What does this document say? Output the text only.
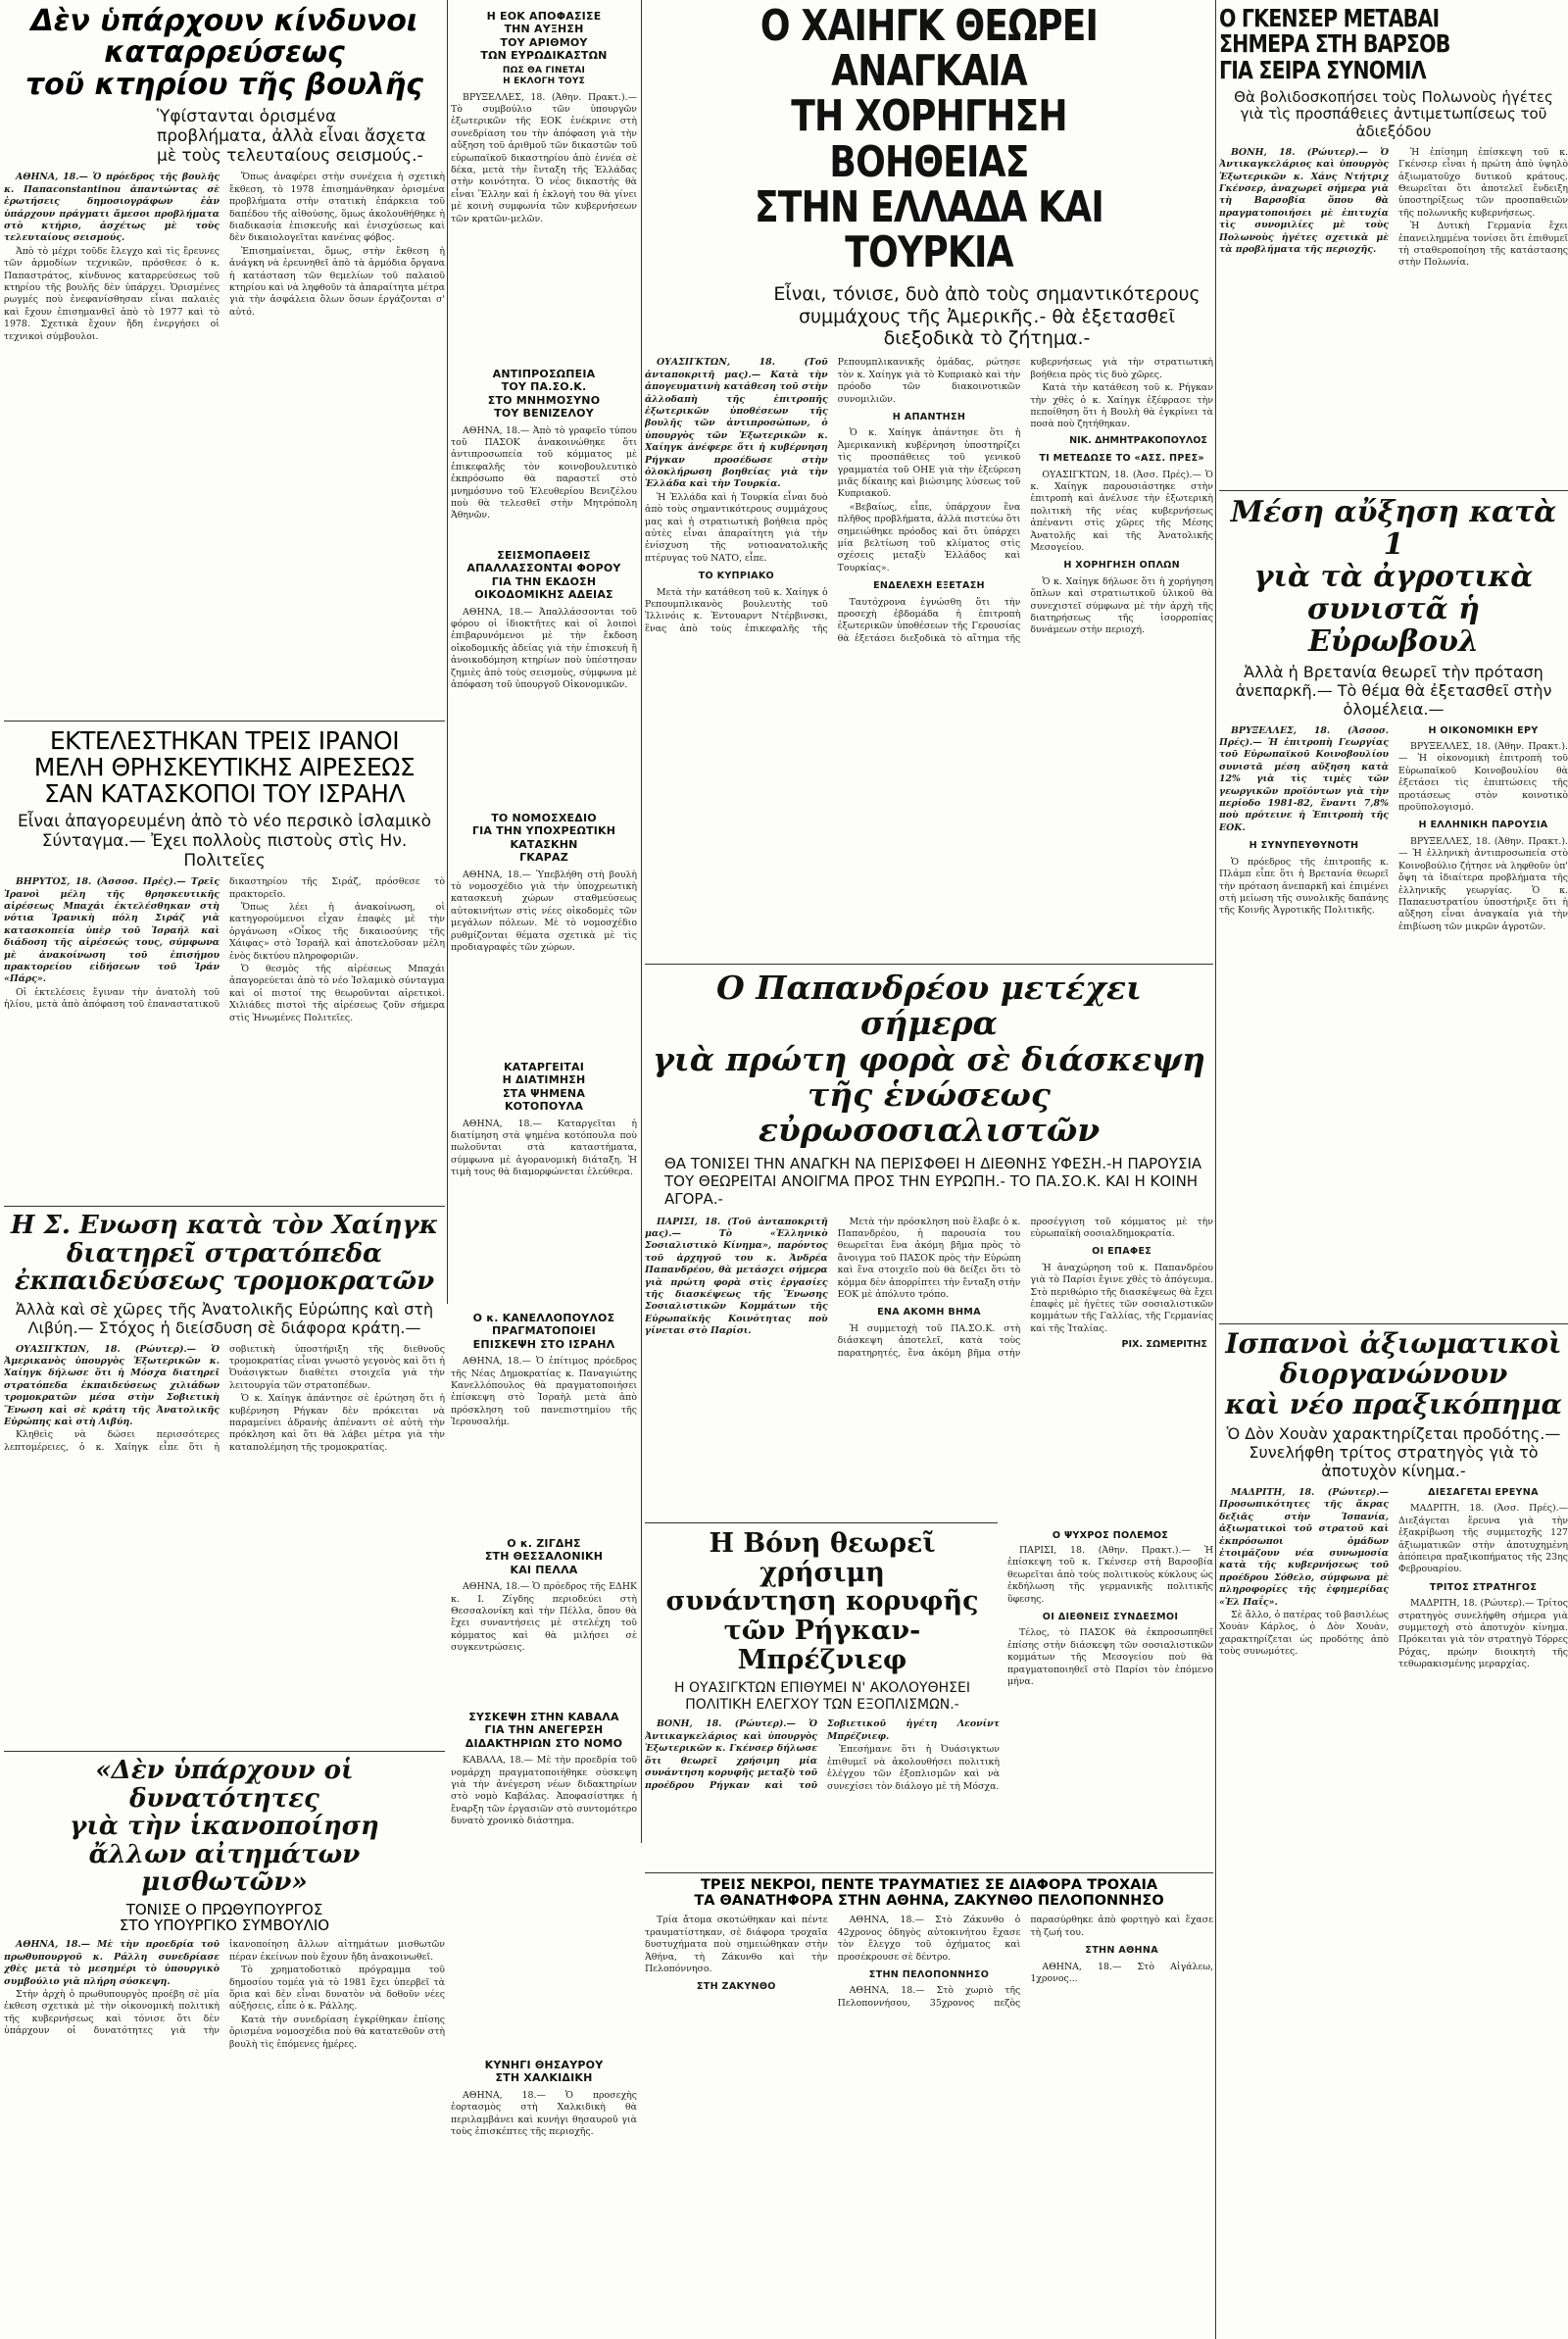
Δὲν ὑπάρχουν κίνδυνοι
καταρρεύσεως
τοῦ κτηρίου τῆς βουλῆς
Ὑφίστανται ὁρισμένα προβλήματα, ἀλλὰ εἶναι ἄσχετα μὲ τοὺς τελευταίους σεισμούς.-

ΑΘΗΝΑ, 18.— Ὁ πρόεδρος τῆς βουλῆς κ. Παπαconstantinou ἀπαντώντας σὲ ἐρωτήσεις δημοσιογράφων ἐὰν ὑπάρχουν πράγματι ἄμεσοι προβλήματα στὸ κτήριο, ἀσχέτως μὲ τοὺς τελευταίους σεισμούς.

Ἀπὸ τὸ μέχρι τοῦδε ἔλεγχο καὶ τὶς ἔρευνες τῶν ἁρμοδίων τεχνικῶν, πρόσθεσε ὁ κ. Παπαστράτος, κίνδυνος καταρρεύσεως τοῦ κτηρίου τῆς βουλῆς δὲν ὑπάρχει. Ὁρισμένες ρωγμές ποὺ ἐνεφανίσθησαν εἶναι παλαιὲς καὶ ἔχουν ἐπισημανθεῖ ἀπὸ τὸ 1977 καὶ τὸ 1978. Σχετικὰ ἔχουν ἤδη ἐνεργήσει οἱ τεχνικοὶ σύμβουλοι.

Ὅπως ἀναφέρει στὴν συνέχεια ἡ σχετικὴ ἔκθεση, τὸ 1978 ἐπισημάνθηκαν ὁρισμένα προβλήματα στὴν στατικὴ ἐπάρκεια τοῦ δαπέδου τῆς αἰθούσης, ὅμως ἀκολουθήθηκε ἡ διαδικασία ἐπισκευῆς καὶ ἐνισχύσεως καὶ δὲν δικαιολογεῖται κανένας φόβος.

Ἐπισημαίνεται, ὅμως, στὴν ἔκθεση ἡ ἀνάγκη νὰ ἐρευνηθεῖ ἀπὸ τὰ ἁρμόδια ὄργανα ἡ κατάσταση τῶν θεμελίων τοῦ παλαιοῦ κτηρίου καὶ νὰ ληφθοῦν τὰ ἀπαραίτητα μέτρα γιὰ τὴν ἀσφάλεια ὅλων ὅσων ἐργάζονται σ' αὐτό.

ΕΚΤΕΛΕΣΤΗΚΑΝ ΤΡΕΙΣ ΙΡΑΝΟΙ
ΜΕΛΗ ΘΡΗΣΚΕΥΤΙΚΗΣ ΑΙΡΕΣΕΩΣ
ΣΑΝ ΚΑΤΑΣΚΟΠΟΙ ΤΟΥ ΙΣΡΑΗΛ
Εἶναι ἀπαγορευμένη ἀπὸ τὸ νέο περσικὸ ἰσλαμικὸ Σύνταγμα.— Ἐχει πολλοὺς πιστοὺς στὶς Ην. Πολιτεῖες

ΒΗΡΥΤΟΣ, 18. (Ἀσσοσ. Πρές).— Τρεῖς Ἰρανοὶ μέλη τῆς θρησκευτικῆς αἱρέσεως Μπαχάι ἐκτελέσθηκαν στὴ νότια Ἰρανικὴ πόλη Σιράζ γιὰ κατασκοπεία ὑπὲρ τοῦ Ἰσραήλ καὶ διάδοση τῆς αἱρέσεώς τους, σύμφωνα μὲ ἀνακοίνωση τοῦ ἐπισήμου πρακτορείου εἰδήσεων τοῦ Ἰράν «Πάρς».

Οἱ ἐκτελέσεις ἔγιναν τὴν ἀνατολὴ τοῦ ἡλίου, μετὰ ἀπὸ ἀπόφαση τοῦ ἐπαναστατικοῦ δικαστηρίου τῆς Σιράζ, πρόσθεσε τὸ πρακτορεῖο.

Ὅπως λέει ἡ ἀνακοίνωση, οἱ κατηγορούμενοι εἶχαν ἐπαφὲς μὲ τὴν ὀργάνωση «Οἶκος τῆς δικαιοσύνης τῆς Χάιφας» στὸ Ἰσραήλ καὶ ἀποτελοῦσαν μέλη ἑνὸς δικτύου πληροφοριῶν.

Ὁ θεσμὸς τῆς αἱρέσεως Μπαχάι ἀπαγορεύεται ἀπὸ τὸ νέο Ἰσλαμικὸ σύνταγμα καὶ οἱ πιστοί της θεωροῦνται αἱρετικοὶ. Χιλιάδες πιστοὶ τῆς αἱρέσεως ζοῦν σήμερα στὶς Ἡνωμένες Πολιτεῖες.

Η Σ. Ενωση κατὰ τὸν Χαίηγκ
διατηρεῖ στρατόπεδα
ἐκπαιδεύσεως τρομοκρατῶν
Ἀλλὰ καὶ σὲ χῶρες τῆς Ἀνατολικῆς Εὐρώπης καὶ στὴ Λιβύη.— Στόχος ἡ διείσδυση σὲ διάφορα κράτη.—

ΟΥΑΣΙΓΚΤΩΝ, 18. (Ρώυτερ).— Ὁ Ἀμερικανὸς ὑπουργὸς Ἐξωτερικῶν κ. Χαίηγκ δήλωσε ὅτι ἡ Μόσχα διατηρεῖ στρατόπεδα ἐκπαιδεύσεως χιλιάδων τρομοκρατῶν μέσα στὴν Σοβιετικὴ Ἕνωση καὶ σὲ κράτη τῆς Ἀνατολικῆς Εὐρώπης καὶ στὴ Λιβύη.

Κληθεὶς νὰ δώσει περισσότερες λεπτομέρειες, ὁ κ. Χαίηγκ εἶπε ὅτι ἡ σοβιετικὴ ὑποστήριξη τῆς διεθνοῦς τρομοκρατίας εἶναι γνωστὸ γεγονὸς καὶ ὅτι ἡ Ὀυάσιγκτων διαθέτει στοιχεῖα γιὰ τὴν λειτουργία τῶν στρατοπέδων.

Ὁ κ. Χαίηγκ ἀπάντησε σὲ ἐρώτηση ὅτι ἡ κυβέρνηση Ρήγκαν δὲν πρόκειται νὰ παραμείνει ἀδρανὴς ἀπέναντι σὲ αὐτὴ τὴν πρόκληση καὶ ὅτι θὰ λάβει μέτρα γιὰ τὴν καταπολέμηση τῆς τρομοκρατίας.

«Δὲν ὑπάρχουν οἱ δυνατότητες
γιὰ τὴν ἱκανοποίηση
ἄλλων αἰτημάτων μισθωτῶν»
ΤΟΝΙΣΕ Ο ΠΡΩΘΥΠΟΥΡΓΟΣ
ΣΤΟ ΥΠΟΥΡΓΙΚΟ ΣΥΜΒΟΥΛΙΟ

ΑΘΗΝΑ, 18.— Μὲ τὴν προεδρία τοῦ πρωθυπουργοῦ κ. Ράλλη συνεδρίασε χθὲς μετὰ τὸ μεσημέρι τὸ ὑπουργικὸ συμβούλιο γιὰ πλήρη σύσκεψη.

Στὴν ἀρχὴ ὁ πρωθυπουργὸς προέβη σὲ μία ἐκθεση σχετικὰ μὲ τὴν οἰκονομικὴ πολιτικὴ τῆς κυβερνήσεως καὶ τόνισε ὅτι δὲν ὑπάρχουν οἱ δυνατότητες γιὰ τὴν ἱκανοποίηση ἄλλων αἰτημάτων μισθωτῶν πέραν ἐκείνων ποὺ ἔχουν ἤδη ἀνακοινωθεῖ.

Τὸ χρηματοδοτικὸ πρόγραμμα τοῦ δημοσίου τομέα γιὰ τὸ 1981 ἔχει ὑπερβεῖ τὰ ὅρια καὶ δὲν εἶναι δυνατὸν νὰ δοθοῦν νέες αὐξήσεις, εἶπε ὁ κ. Ράλλης.

Κατὰ τὴν συνεδρίαση ἐγκρίθηκαν ἐπίσης ὁρισμένα νομοσχέδια ποὺ θὰ κατατεθοῦν στὴ βουλὴ τὶς ἑπόμενες ἡμέρες.

Η ΕΟΚ ΑΠΟΦΑΣΙΣΕ
ΤΗΝ ΑΥΞΗΣΗ
ΤΟΥ ΑΡΙΘΜΟΥ
ΤΩΝ ΕΥΡΩΔΙΚΑΣΤΩΝ
ΠΩΣ ΘΑ ΓΙΝΕΤΑΙ
Η ΕΚΛΟΓΗ ΤΟΥΣ

ΒΡΥΞΕΛΛΕΣ, 18. (Ἀθην. Πρακτ.).— Τὸ συμβούλιο τῶν ὑπουργῶν ἐξωτερικῶν τῆς ΕΟΚ ἐνέκρινε στὴ συνεδρίαση του τὴν ἀπόφαση γιὰ τὴν αὔξηση τοῦ ἀριθμοῦ τῶν δικαστῶν τοῦ εὐρωπαϊκοῦ δικαστηρίου ἀπὸ ἐννέα σὲ δέκα, μετὰ τὴν ἔνταξη τῆς Ἑλλάδας στὴν κοινότητα. Ὁ νέος δικαστὴς θὰ εἶναι Ἕλλην καὶ ἡ ἐκλογὴ του θὰ γίνει μὲ κοινὴ συμφωνία τῶν κυβερνήσεων τῶν κρατῶν-μελῶν.

ΑΝΤΙΠΡΟΣΩΠΕΙΑ
ΤΟΥ ΠΑ.ΣΟ.Κ.
ΣΤΟ ΜΝΗΜΟΣΥΝΟ
ΤΟΥ ΒΕΝΙΖΕΛΟΥ

ΑΘΗΝΑ, 18.— Ἀπὸ τὸ γραφεῖο τύπου τοῦ ΠΑΣΟΚ ἀνακοινώθηκε ὅτι ἀντιπροσωπεία τοῦ κόμματος μὲ ἐπικεφαλῆς τὸν κοινοβουλευτικὸ ἐκπρόσωπο θὰ παραστεῖ στὸ μνημόσυνο τοῦ Ἐλευθερίου Βενιζέλου ποὺ θὰ τελεσθεῖ στὴν Μητρόπολη Ἀθηνῶν.

ΣΕΙΣΜΟΠΑΘΕΙΣ
ΑΠΑΛΛΑΣΣΟΝΤΑΙ ΦΟΡΟΥ
ΓΙΑ ΤΗΝ ΕΚΔΟΣΗ
ΟΙΚΟΔΟΜΙΚΗΣ ΑΔΕΙΑΣ

ΑΘΗΝΑ, 18.— Ἀπαλλάσσονται τοῦ φόρου οἱ ἰδιοκτῆτες καὶ οἱ λοιποὶ ἐπιβαρυνόμενοι μὲ τὴν ἔκδοση οἰκοδομικῆς ἀδείας γιὰ τὴν ἐπισκευὴ ἢ ἀνοικοδόμηση κτηρίων ποὺ ὑπέστησαν ζημιὲς ἀπὸ τοὺς σεισμοὺς, σύμφωνα μὲ ἀπόφαση τοῦ ὑπουργοῦ Οἰκονομικῶν.

ΤΟ ΝΟΜΟΣΧΕΔΙΟ
ΓΙΑ ΤΗΝ ΥΠΟΧΡΕΩΤΙΚΗ
ΚΑΤΑΣΚΗΝ
ΓΚΑΡΑΖ

ΑΘΗΝΑ, 18.— Ὑπεβλήθη στὴ βουλὴ τὸ νομοσχέδιο γιὰ τὴν ὑποχρεωτικὴ κατασκευὴ χώρων σταθμεύσεως αὐτοκινήτων στὶς νέες οἰκοδομὲς τῶν μεγάλων πόλεων. Μὲ τὸ νομοσχέδιο ρυθμίζονται θέματα σχετικὰ μὲ τὶς προδιαγραφὲς τῶν χώρων.

ΚΑΤΑΡΓΕΙΤΑΙ
Η ΔΙΑΤΙΜΗΣΗ
ΣΤΑ ΨΗΜΕΝΑ
ΚΟΤΟΠΟΥΛΑ

ΑΘΗΝΑ, 18.— Καταργεῖται ἡ διατίμηση στὰ ψημένα κοτόπουλα ποὺ πωλοῦνται στὰ καταστήματα, σύμφωνα μὲ ἀγορανομικὴ διάταξη. Ἡ τιμὴ τους θὰ διαμορφώνεται ἐλεύθερα.

Ο κ. ΚΑΝΕΛΛΟΠΟΥΛΟΣ
ΠΡΑΓΜΑΤΟΠΟΙΕΙ
ΕΠΙΣΚΕΨΗ ΣΤΟ ΙΣΡΑΗΛ

ΑΘΗΝΑ, 18.— Ὁ ἐπίτιμος πρόεδρος τῆς Νέας Δημοκρατίας κ. Παναγιώτης Κανελλόπουλος θὰ πραγματοποιήσει ἐπίσκεψη στὸ Ἰσραὴλ μετὰ ἀπὸ πρόσκληση τοῦ πανεπιστημίου τῆς Ἱερουσαλήμ.

Ο κ. ΖΙΓΔΗΣ
ΣΤΗ ΘΕΣΣΑΛΟΝΙΚΗ
ΚΑΙ ΠΕΛΛΑ

ΑΘΗΝΑ, 18.— Ὁ πρόεδρος τῆς ΕΔΗΚ κ. Ι. Ζίγδης περιοδεύει στὴ Θεσσαλονίκη καὶ τὴν Πέλλα, ὅπου θὰ ἔχει συναντήσεις μὲ στελέχη τοῦ κόμματος καὶ θὰ μιλήσει σὲ συγκεντρώσεις.

ΣΥΣΚΕΨΗ ΣΤΗΝ ΚΑΒΑΛΑ
ΓΙΑ ΤΗΝ ΑΝΕΓΕΡΣΗ
ΔΙΔΑΚΤΗΡΙΩΝ ΣΤΟ ΝΟΜΟ

ΚΑΒΑΛΑ, 18.— Μὲ τὴν προεδρία τοῦ νομάρχη πραγματοποιήθηκε σύσκεψη γιὰ τὴν ἀνέγερση νέων διδακτηρίων στὸ νομὸ Καβάλας. Ἀποφασίστηκε ἡ ἔναρξη τῶν ἐργασιῶν στὸ συντομότερο δυνατὸ χρονικὸ διάστημα.

ΚΥΝΗΓΙ ΘΗΣΑΥΡΟΥ
ΣΤΗ ΧΑΛΚΙΔΙΚΗ

ΑΘΗΝΑ, 18.— Ὁ προσεχὴς ἑορτασμὸς στὴ Χαλκιδικὴ θὰ περιλαμβάνει καὶ κυνήγι θησαυροῦ γιὰ τοὺς ἐπισκέπτες τῆς περιοχῆς.

Ο ΧΑΙΗΓΚ ΘΕΩΡΕΙ ΑΝΑΓΚΑΙΑ
ΤΗ ΧΟΡΗΓΗΣΗ ΒΟΗΘΕΙΑΣ
ΣΤΗΝ ΕΛΛΑΔΑ ΚΑΙ ΤΟΥΡΚΙΑ
Εἶναι, τόνισε, δυὸ ἀπὸ τοὺς σημαντικότερους συμμάχους τῆς Ἀμερικῆς.- θὰ ἐξετασθεῖ διεξοδικὰ τὸ ζήτημα.-

ΟΥΑΣΙΓΚΤΩΝ, 18. (Τοῦ ἀνταποκριτῆ μας).— Κατὰ τὴν ἀπογευματινὴ κατάθεση τοῦ στὴν ἀλλοδαπὴ τῆς ἐπιτροπῆς ἐξωτερικῶν ὑποθέσεων τῆς βουλῆς τῶν ἀντιπροσώπων, ὁ ὑπουργὸς τῶν Ἐξωτερικῶν κ. Χαίηγκ ἀνέφερε ὅτι ἡ κυβέρνηση Ρήγκαν προσέδωσε στὴν ὁλοκλήρωση βοηθείας γιὰ τὴν Ἑλλάδα καὶ τὴν Τουρκία.

Ἡ Ἑλλάδα καὶ ἡ Τουρκία εἶναι δυὸ ἀπὸ τοὺς σημαντικότερους συμμάχους μας καὶ ἡ στρατιωτικὴ βοήθεια πρὸς αὐτὲς εἶναι ἀπαραίτητη γιὰ τὴν ἐνίσχυση τῆς νοτιοανατολικῆς πτέρυγας τοῦ ΝΑΤΟ, εἶπε.

ΤΟ ΚΥΠΡΙΑΚΟ

Μετὰ τὴν κατάθεση τοῦ κ. Χαίηγκ ὁ Ρεπουμπλικανὸς βουλευτὴς τοῦ Ἰλλινόις κ. Ἐντουαρντ Ντέρβινσκι, ἕνας ἀπὸ τοὺς ἐπικεφαλῆς τῆς Ρεπουμπλικανικῆς ὁμάδας, ρώτησε τὸν κ. Χαίηγκ γιὰ τὸ Κυπριακὸ καὶ τὴν πρόοδο τῶν διακοινοτικῶν συνομιλιῶν.

Η ΑΠΑΝΤΗΣΗ

Ὁ κ. Χαίηγκ ἀπάντησε ὅτι ἡ Ἀμερικανικὴ κυβέρνηση ὑποστηρίζει τὶς προσπάθειες τοῦ γενικοῦ γραμματέα τοῦ ΟΗΕ γιὰ τὴν ἐξεύρεση μιᾶς δίκαιης καὶ βιώσιμης λύσεως τοῦ Κυπριακοῦ.

«Βεβαίως, εἶπε, ὑπάρχουν ἕνα πλῆθος προβλήματα, ἀλλὰ πιστεύω ὅτι σημειώθηκε πρόοδος καὶ ὅτι ὑπάρχει μία βελτίωση τοῦ κλίματος στὶς σχέσεις μεταξὺ Ἑλλάδος καὶ Τουρκίας».

ΕΝΔΕΛΕΧΗ ΕΞΕΤΑΣΗ

Ταυτόχρονα ἐγνώσθη ὅτι τὴν προσεχὴ ἑβδομάδα ἡ ἐπιτροπὴ ἐξωτερικῶν ὑποθέσεων τῆς Γερουσίας θὰ ἐξετάσει διεξοδικὰ τὸ αἴτημα τῆς κυβερνήσεως γιὰ τὴν στρατιωτικὴ βοήθεια πρὸς τὶς δυὸ χῶρες.

Κατὰ τὴν κατάθεση τοῦ κ. Ρήγκαν τὴν χθὲς ὁ κ. Χαίηγκ ἐξέφρασε τὴν πεποίθηση ὅτι ἡ Βουλὴ θὰ ἐγκρίνει τὰ ποσὰ ποὺ ζητήθηκαν.

ΝΙΚ. ΔΗΜΗΤΡΑΚΟΠΟΥΛΟΣ
ΤΙ ΜΕΤΕΔΩΣΕ ΤΟ «ΑΣΣ. ΠΡΕΣ»

ΟΥΑΣΙΓΚΤΩΝ, 18. (Ἀσσ. Πρές).— Ὁ κ. Χαίηγκ παρουσιάστηκε στὴν ἐπιτροπὴ καὶ ἀνέλυσε τὴν ἐξωτερικὴ πολιτικὴ τῆς νέας κυβερνήσεως ἀπέναντι στὶς χῶρες τῆς Μέσης Ἀνατολῆς καὶ τῆς Ἀνατολικῆς Μεσογείου.

Η ΧΟΡΗΓΗΣΗ ΟΠΛΩΝ

Ὁ κ. Χαίηγκ δήλωσε ὅτι ἡ χορήγηση ὅπλων καὶ στρατιωτικοῦ ὑλικοῦ θὰ συνεχιστεῖ σύμφωνα μὲ τὴν ἀρχὴ τῆς διατηρήσεως τῆς ἰσορροπίας δυνάμεων στὴν περιοχή.

Ο Παπανδρέου μετέχει σήμερα
γιὰ πρώτη φορὰ σὲ διάσκεψη
τῆς ἑνώσεως εὐρωσοσιαλιστῶν
ΘΑ ΤΟΝΙΣΕΙ ΤΗΝ ΑΝΑΓΚΗ ΝΑ ΠΕΡΙΣΦΘΕΙ Η ΔΙΕΘΝΗΣ ΥΦΕΣΗ.-Η ΠΑΡΟΥΣΙΑ ΤΟΥ ΘΕΩΡΕΙΤΑΙ ΑΝΟΙΓΜΑ ΠΡΟΣ ΤΗΝ ΕΥΡΩΠΗ.- ΤΟ ΠΑ.ΣΟ.Κ. ΚΑΙ Η ΚΟΙΝΗ ΑΓΟΡΑ.-

ΠΑΡΙΣΙ, 18. (Τοῦ ἀνταποκριτῆ μας).— Τὸ «Ἐλληνικὸ Σοσιαλιστικὸ Κίνημα», παρόντος τοῦ ἀρχηγοῦ του κ. Ἀνδρέα Παπανδρέου, θὰ μετάσχει σήμερα γιὰ πρώτη φορὰ στὶς ἐργασίες τῆς διασκέψεως τῆς Ἕνωσης Σοσιαλιστικῶν Κομμάτων τῆς Εὐρωπαϊκῆς Κοινότητας ποὺ γίνεται στὸ Παρίσι.

Μετὰ τὴν πρόσκληση ποὺ ἔλαβε ὁ κ. Παπανδρέου, ἡ παρουσία του θεωρεῖται ἕνα ἀκόμη βῆμα πρὸς τὸ ἄνοιγμα τοῦ ΠΑΣΟΚ πρὸς τὴν Εὐρώπη καὶ ἕνα στοιχεῖο ποὺ θὰ δείξει ὅτι τὸ κόμμα δὲν ἀπορρίπτει τὴν ἔνταξη στὴν ΕΟΚ μὲ ἀπόλυτο τρόπο.

ΕΝΑ ΑΚΟΜΗ ΒΗΜΑ

Ἡ συμμετοχὴ τοῦ ΠΑ.ΣΟ.Κ. στὴ διάσκεψη ἀποτελεῖ, κατὰ τοὺς παρατηρητές, ἕνα ἀκόμη βῆμα στὴν προσέγγιση τοῦ κόμματος μὲ τὴν εὐρωπαϊκὴ σοσιαλδημοκρατία.

ΟΙ ΕΠΑΦΕΣ

Ἡ ἀναχώρηση τοῦ κ. Παπανδρέου γιὰ τὸ Παρίσι ἔγινε χθὲς τὸ ἀπόγευμα. Στὸ περιθώριο τῆς διασκέψεως θὰ ἔχει ἐπαφὲς μὲ ἡγέτες τῶν σοσιαλιστικῶν κομμάτων τῆς Γαλλίας, τῆς Γερμανίας καὶ τῆς Ἰταλίας.

ΡΙΧ. ΣΩΜΕΡΙΤΗΣ
Η Βόνη θεωρεῖ χρήσιμη
συνάντηση κορυφῆς
τῶν Ρήγκαν-Μπρέζνιεφ
Η ΟΥΑΣΙΓΚΤΩΝ ΕΠΙΘΥΜΕΙ Ν' ΑΚΟΛΟΥΘΗΣΕΙ ΠΟΛΙΤΙΚΗ ΕΛΕΓΧΟΥ ΤΩΝ ΕΞΟΠΛΙΣΜΩΝ.-

ΒΟΝΗ, 18. (Ρώυτερ).— Ὁ Ἀντικαγκελάριος καὶ ὑπουργὸς Ἐξωτερικῶν κ. Γκένσερ δήλωσε ὅτι θεωρεῖ χρήσιμη μία συνάντηση κορυφῆς μεταξὺ τοῦ προέδρου Ρήγκαν καὶ τοῦ Σοβιετικοῦ ἡγέτη Λεονίντ Μπρέζνιεφ.

Ἐπεσήμανε ὅτι ἡ Ὀυάσιγκτων ἐπιθυμεῖ νὰ ἀκολουθήσει πολιτικὴ ἐλέγχου τῶν ἐξοπλισμῶν καὶ νὰ συνεχίσει τὸν διάλογο μὲ τὴ Μόσχα.

Ο ΨΥΧΡΟΣ ΠΟΛΕΜΟΣ

ΠΑΡΙΣΙ, 18. (Ἀθην. Πρακτ.).— Ἡ ἐπίσκεψη τοῦ κ. Γκένσερ στὴ Βαρσοβία θεωρεῖται ἀπὸ τοὺς πολιτικοὺς κύκλους ὡς ἐκδήλωση τῆς γερμανικῆς πολιτικῆς ὕφεσης.

ΟΙ ΔΙΕΘΝΕΙΣ ΣΥΝΔΕΣΜΟΙ

Τέλος, τὸ ΠΑΣΟΚ θὰ ἐκπροσωπηθεῖ ἐπίσης στὴν διάσκεψη τῶν σοσιαλιστικῶν κομμάτων τῆς Μεσογείου ποὺ θὰ πραγματοποιηθεῖ στὸ Παρίσι τὸν ἑπόμενο μήνα.

ΤΡΕΙΣ ΝΕΚΡΟΙ, ΠΕΝΤΕ ΤΡΑΥΜΑΤΙΕΣ ΣΕ ΔΙΑΦΟΡΑ ΤΡΟΧΑΙΑ
ΤΑ ΘΑΝΑΤΗΦΟΡΑ ΣΤΗΝ ΑΘΗΝΑ, ΖΑΚΥΝΘΟ ΠΕΛΟΠΟΝΝΗΣΟ

Τρία ἄτομα σκοτώθηκαν καὶ πέντε τραυματίστηκαν, σὲ διάφορα τροχαῖα δυστυχήματα ποὺ σημειώθηκαν στὴν Ἀθήνα, τὴ Ζάκυνθο καὶ τὴν Πελοπόννησο.

ΣΤΗ ΖΑΚΥΝΘΟ

ΑΘΗΝΑ, 18.— Στὸ Ζάκυνθο ὁ 42χρονος ὁδηγὸς αὐτοκινήτου ἔχασε τὸν ἔλεγχο τοῦ ὀχήματος καὶ προσέκρουσε σὲ δέντρο.

ΣΤΗΝ ΠΕΛΟΠΟΝΝΗΣΟ

ΑΘΗΝΑ, 18.— Στὸ χωριὸ τῆς Πελοποννήσου, 35χρονος πεζὸς παρασύρθηκε ἀπὸ φορτηγὸ καὶ ἔχασε τὴ ζωή του.

ΣΤΗΝ ΑΘΗΝΑ

ΑΘΗΝΑ, 18.— Στὸ Αἰγάλεω, 1χρονος...

Ο ΓΚΕΝΣΕΡ ΜΕΤΑΒΑΙ
ΣΗΜΕΡΑ ΣΤΗ ΒΑΡΣΟΒ
ΓΙΑ ΣΕΙΡΑ ΣΥΝΟΜΙΛ
Θὰ βολιδοσκοπήσει τοὺς Πολωνοὺς ἡγέτες γιὰ τὶς προσπάθειες ἀντιμετωπίσεως τοῦ ἀδιεξόδου

ΒΟΝΗ, 18. (Ρώυτερ).— Ὁ Ἀντικαγκελάριος καὶ ὑπουργὸς Ἐξωτερικῶν κ. Χάνς Ντήτριχ Γκένσερ, ἀναχωρεῖ σήμερα γιὰ τὴ Βαρσοβία ὅπου θὰ πραγματοποιήσει μὲ ἐπιτυχία τὶς συνομιλίες μὲ τοὺς Πολωνοὺς ἡγέτες σχετικὰ μὲ τὰ προβλήματα τῆς περιοχῆς.

Ἡ ἐπίσημη ἐπίσκεψη τοῦ κ. Γκένσερ εἶναι ἡ πρώτη ἀπὸ ὑψηλὸ ἀξιωματοῦχο δυτικοῦ κράτους. Θεωρεῖται ὅτι ἀποτελεῖ ἔνδειξη ὑποστηρίξεως τῶν προσπαθειῶν τῆς πολωνικῆς κυβερνήσεως.

Ἡ Δυτικὴ Γερμανία ἔχει ἐπανειλημμένα τονίσει ὅτι ἐπιθυμεῖ τὴ σταθεροποίηση τῆς κατάστασης στὴν Πολωνία.

Μέση αὔξηση κατὰ 1
γιὰ τὰ ἀγροτικὰ
συνιστᾶ ἡ Εὐρωβουλ
Ἀλλὰ ἡ Βρετανία θεωρεῖ τὴν πρόταση ἀνεπαρκῆ.— Τὸ θέμα θὰ ἐξετασθεῖ στὴν ὁλομέλεια.—

ΒΡΥΞΕΛΛΕΣ, 18. (Ἀσσοσ. Πρές).— Ἡ ἐπιτροπὴ Γεωργίας τοῦ Εὐρωπαϊκοῦ Κοινοβουλίου συνιστᾶ μέση αὔξηση κατὰ 12% γιὰ τὶς τιμὲς τῶν γεωργικῶν προϊόντων γιὰ τὴν περίοδο 1981-82, ἔναντι 7,8% ποὺ πρότεινε ἡ Ἐπιτροπὴ τῆς ΕΟΚ.

Η ΣΥΝΥΠΕΥΘΥΝΟΤΗ

Ὁ πρόεδρος τῆς ἐπιτροπῆς κ. Πλάμπ εἶπε ὅτι ἡ Βρετανία θεωρεῖ τὴν πρόταση ἀνεπαρκῆ καὶ ἐπιμένει στὴ μείωση τῆς συνολικῆς δαπάνης τῆς Κοινῆς Ἀγροτικῆς Πολιτικῆς.

Η ΟΙΚΟΝΟΜΙΚΗ ΕΡΥ

ΒΡΥΞΕΛΛΕΣ, 18. (Ἀθην. Πρακτ.).— Ἡ οἰκονομικὴ ἐπιτροπὴ τοῦ Εὐρωπαϊκοῦ Κοινοβουλίου θὰ ἐξετάσει τὶς ἐπιπτώσεις τῆς προτάσεως στὸν κοινοτικὸ προϋπολογισμό.

Η ΕΛΛΗΝΙΚΗ ΠΑΡΟΥΣΙΑ

ΒΡΥΞΕΛΛΕΣ, 18. (Ἀθην. Πρακτ.).— Ἡ ἑλληνικὴ ἀντιπροσωπεία στὸ Κοινοβούλιο ζήτησε νὰ ληφθοῦν ὑπ' ὄψη τὰ ἰδιαίτερα προβλήματα τῆς ἑλληνικῆς γεωργίας. Ὁ κ. Παπαευστρατίου ὑποστήριξε ὅτι ἡ αὔξηση εἶναι ἀναγκαία γιὰ τὴν ἐπιβίωση τῶν μικρῶν ἀγροτῶν.

Ισπανοὶ ἀξιωματικοὶ
διοργανώνουν
καὶ νέο πραξικόπημα
Ὁ Δὸν Χουὰν χαρακτηρίζεται προδότης.— Συνελήφθη τρίτος στρατηγὸς γιὰ τὸ ἀποτυχὸν κίνημα.-

ΜΑΔΡΙΤΗ, 18. (Ρώυτερ).— Προσωπικότητες τῆς ἄκρας δεξιᾶς στὴν Ἰσπανία, ἀξιωματικοὶ τοῦ στρατοῦ καὶ ἐκπρόσωποι ὁμάδων ἐτοιμάζουν νέα συνωμοσία κατὰ τῆς κυβερνήσεως τοῦ προέδρου Σόθελο, σύμφωνα μὲ πληροφορίες τῆς ἐφημερίδας «Ἐλ Παΐς».

Σὲ ἄλλο, ὁ πατέρας τοῦ βασιλέως Χουὰν Κάρλος, ὁ Δὸν Χουὰν, χαρακτηρίζεται ὡς προδότης ἀπὸ τοὺς συνωμότες.

ΔΙΕΣΑΓΕΤΑΙ ΕΡΕΥΝΑ

ΜΑΔΡΙΤΗ, 18. (Ἀσσ. Πρές).— Διεξάγεται ἔρευνα γιὰ τὴν ἐξακρίβωση τῆς συμμετοχῆς 127 ἀξιωματικῶν στὴν ἀποτυχημένη ἀπόπειρα πραξικοπήματος τῆς 23ης Φεβρουαρίου.

ΤΡΙΤΟΣ ΣΤΡΑΤΗΓΟΣ

ΜΑΔΡΙΤΗ, 18. (Ρώυτερ).— Τρίτος στρατηγὸς συνελήφθη σήμερα γιὰ συμμετοχὴ στὸ ἀποτυχὸν κίνημα. Πρόκειται γιὰ τὸν στρατηγὸ Τόρρες Ρόχας, πρώην διοικητὴ τῆς τεθωρακισμένης μεραρχίας.
